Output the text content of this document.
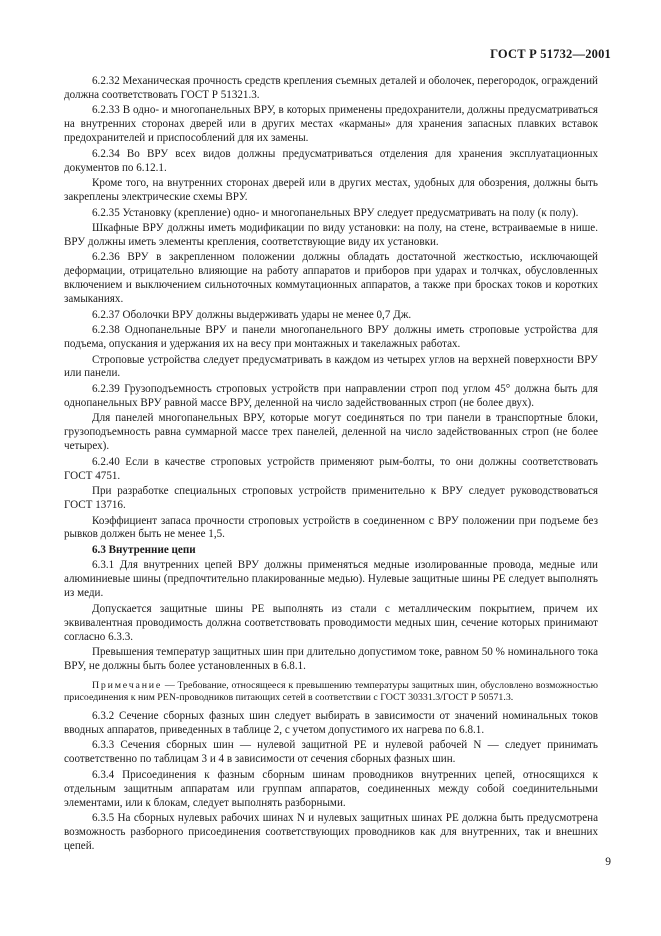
ГОСТ Р 51732—2001

6.2.32 Механическая прочность средств крепления съемных деталей и оболочек, перегородок, ограждений должна соответствовать ГОСТ Р 51321.3.

6.2.33 В одно- и многопанельных ВРУ, в которых применены предохранители, должны предусматриваться на внутренних сторонах дверей или в других местах «карманы» для хранения запасных плавких вставок предохранителей и приспособлений для их замены.

6.2.34 Во ВРУ всех видов должны предусматриваться отделения для хранения эксплуатационных документов по 6.12.1.

Кроме того, на внутренних сторонах дверей или в других местах, удобных для обозрения, должны быть закреплены электрические схемы ВРУ.

6.2.35 Установку (крепление) одно- и многопанельных ВРУ следует предусматривать на полу (к полу).

Шкафные ВРУ должны иметь модификации по виду установки: на полу, на стене, встраиваемые в нише. ВРУ должны иметь элементы крепления, соответствующие виду их установки.

6.2.36 ВРУ в закрепленном положении должны обладать достаточной жесткостью, исключающей деформации, отрицательно влияющие на работу аппаратов и приборов при ударах и толчках, обусловленных включением и выключением сильноточных коммутационных аппаратов, а также при бросках токов и коротких замыканиях.

6.2.37 Оболочки ВРУ должны выдерживать удары не менее 0,7 Дж.

6.2.38 Однопанельные ВРУ и панели многопанельного ВРУ должны иметь строповые устройства для подъема, опускания и удержания их на весу при монтажных и такелажных работах.

Строповые устройства следует предусматривать в каждом из четырех углов на верхней поверхности ВРУ или панели.

6.2.39 Грузоподъемность строповых устройств при направлении строп под углом 45° должна быть для однопанельных ВРУ равной массе ВРУ, деленной на число задействованных строп (не более двух).

Для панелей многопанельных ВРУ, которые могут соединяться по три панели в транспортные блоки, грузоподъемность равна суммарной массе трех панелей, деленной на число задействованных строп (не более четырех).

6.2.40 Если в качестве строповых устройств применяют рым-болты, то они должны соответствовать ГОСТ 4751.

При разработке специальных строповых устройств применительно к ВРУ следует руководствоваться ГОСТ 13716.

Коэффициент запаса прочности строповых устройств в соединенном с ВРУ положении при подъеме без рывков должен быть не менее 1,5.

6.3 Внутренние цепи

6.3.1 Для внутренних цепей ВРУ должны применяться медные изолированные провода, медные или алюминиевые шины (предпочтительно плакированные медью). Нулевые защитные шины PE следует выполнять из меди.

Допускается защитные шины PE выполнять из стали с металлическим покрытием, причем их эквивалентная проводимость должна соответствовать проводимости медных шин, сечение которых принимают согласно 6.3.3.

Превышения температур защитных шин при длительно допустимом токе, равном 50 % номинального тока ВРУ, не должны быть более установленных в 6.8.1.

Примечание — Требование, относящееся к превышению температуры защитных шин, обусловлено возможностью присоединения к ним PEN-проводников питающих сетей в соответствии с ГОСТ 30331.3/ГОСТ Р 50571.3.

6.3.2 Сечение сборных фазных шин следует выбирать в зависимости от значений номинальных токов вводных аппаратов, приведенных в таблице 2, с учетом допустимого их нагрева по 6.8.1.

6.3.3 Сечения сборных шин — нулевой защитной PE и нулевой рабочей N — следует принимать соответственно по таблицам 3 и 4 в зависимости от сечения сборных фазных шин.

6.3.4 Присоединения к фазным сборным шинам проводников внутренних цепей, относящихся к отдельным защитным аппаратам или группам аппаратов, соединенных между собой соединительными элементами, или к блокам, следует выполнять разборными.

6.3.5 На сборных нулевых рабочих шинах N и нулевых защитных шинах PE должна быть предусмотрена возможность разборного присоединения соответствующих проводников как для внутренних, так и внешних цепей.

9
